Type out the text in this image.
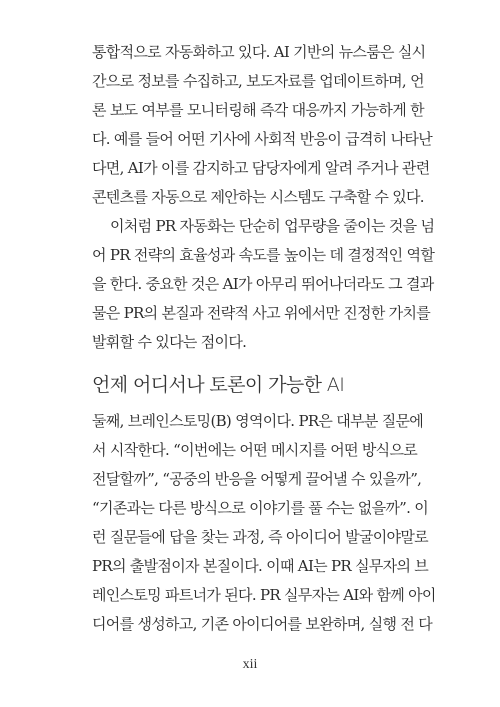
통합적으로 자동화하고 있다. AI 기반의 뉴스룸은 실시
간으로 정보를 수집하고, 보도자료를 업데이트하며, 언
론 보도 여부를 모니터링해 즉각 대응까지 가능하게 한
다. 예를 들어 어떤 기사에 사회적 반응이 급격히 나타난
다면, AI가 이를 감지하고 담당자에게 알려 주거나 관련
콘텐츠를 자동으로 제안하는 시스템도 구축할 수 있다.
이처럼 PR 자동화는 단순히 업무량을 줄이는 것을 넘
어 PR 전략의 효율성과 속도를 높이는 데 결정적인 역할
을 한다. 중요한 것은 AI가 아무리 뛰어나더라도 그 결과
물은 PR의 본질과 전략적 사고 위에서만 진정한 가치를
발휘할 수 있다는 점이다.
언제 어디서나 토론이 가능한 AI
둘째, 브레인스토밍(B) 영역이다. PR은 대부분 질문에
서 시작한다. “이번에는 어떤 메시지를 어떤 방식으로
전달할까”, “공중의 반응을 어떻게 끌어낼 수 있을까”,
“기존과는 다른 방식으로 이야기를 풀 수는 없을까”. 이
런 질문들에 답을 찾는 과정, 즉 아이디어 발굴이야말로
PR의 출발점이자 본질이다. 이때 AI는 PR 실무자의 브
레인스토밍 파트너가 된다. PR 실무자는 AI와 함께 아이
디어를 생성하고, 기존 아이디어를 보완하며, 실행 전 다
xii
